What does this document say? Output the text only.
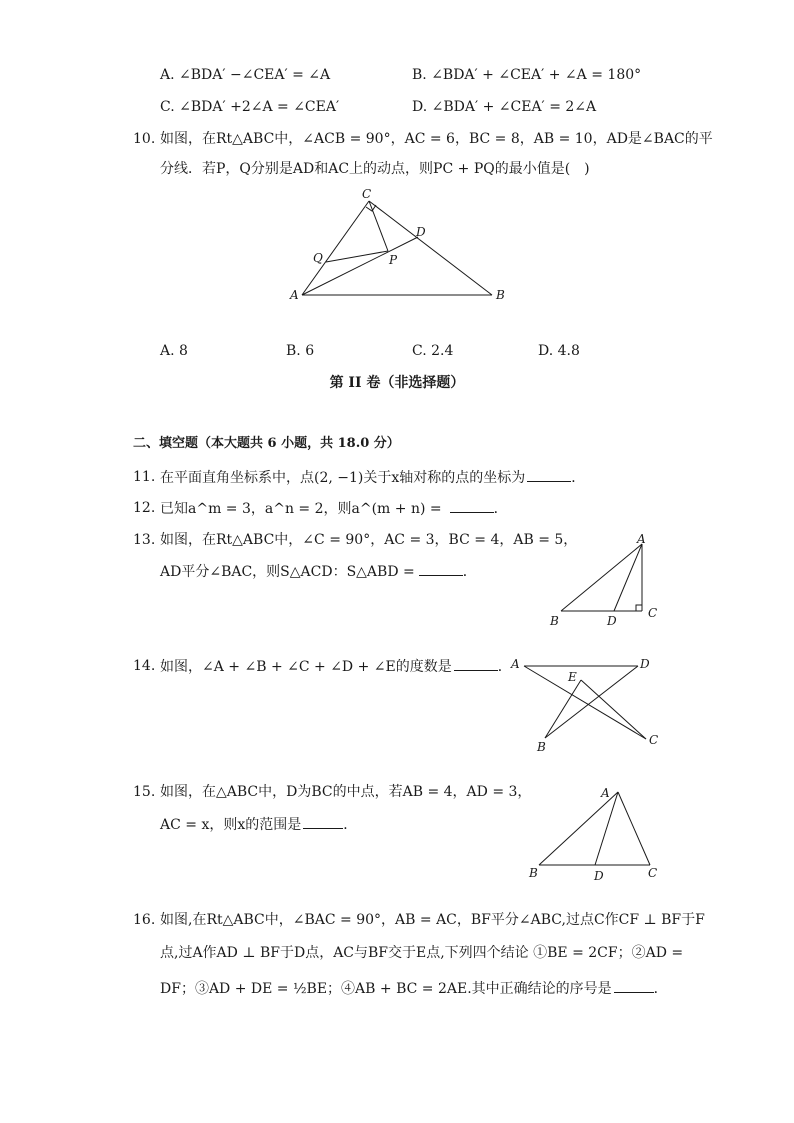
A. ∠BDA′ −∠CEA′ = ∠A	B. ∠BDA′ + ∠CEA′ + ∠A = 180°
C. ∠BDA′ +2∠A = ∠CEA′	D. ∠BDA′ + ∠CEA′ = 2∠A
10. 如图，在Rt△ABC中，∠ACB = 90°，AC = 6，BC = 8，AB = 10，AD是∠BAC的平
分线．若P，Q分别是AD和AC上的动点，则PC + PQ的最小值是(　)
C
D
Q	P
A	B
A. 8	B. 6	C. 2.4	D. 4.8
第 II 卷（非选择题）
二、填空题（本大题共 6 小题，共 18.0 分）
11. 在平面直角坐标系中，点(2, −1)关于x轴对称的点的坐标为	．
12. 已知a^m = 3，a^n = 2，则a^(m + n) =	．
13. 如图，在Rt△ABC中，∠C = 90°，AC = 3，BC = 4，AB = 5，
AD平分∠BAC，则S△ACD：S△ABD =	．
A
B	D
C
14. 如图，∠A + ∠B + ∠C + ∠D + ∠E的度数是	． A	D
E
B	C
15. 如图，在△ABC中，D为BC的中点，若AB = 4，AD = 3，
AC = x，则x的范围是	．
A
B	D	C
16. 如图,在Rt△ABC中，∠BAC = 90°，AB = AC，BF平分∠ABC,过点C作CF ⊥ BF于F
点,过A作AD ⊥ BF于D点，AC与BF交于E点,下列四个结论 ①BE = 2CF；②AD =
DF；③AD + DE = ½BE；④AB + BC = 2AE.其中正确结论的序号是	．
